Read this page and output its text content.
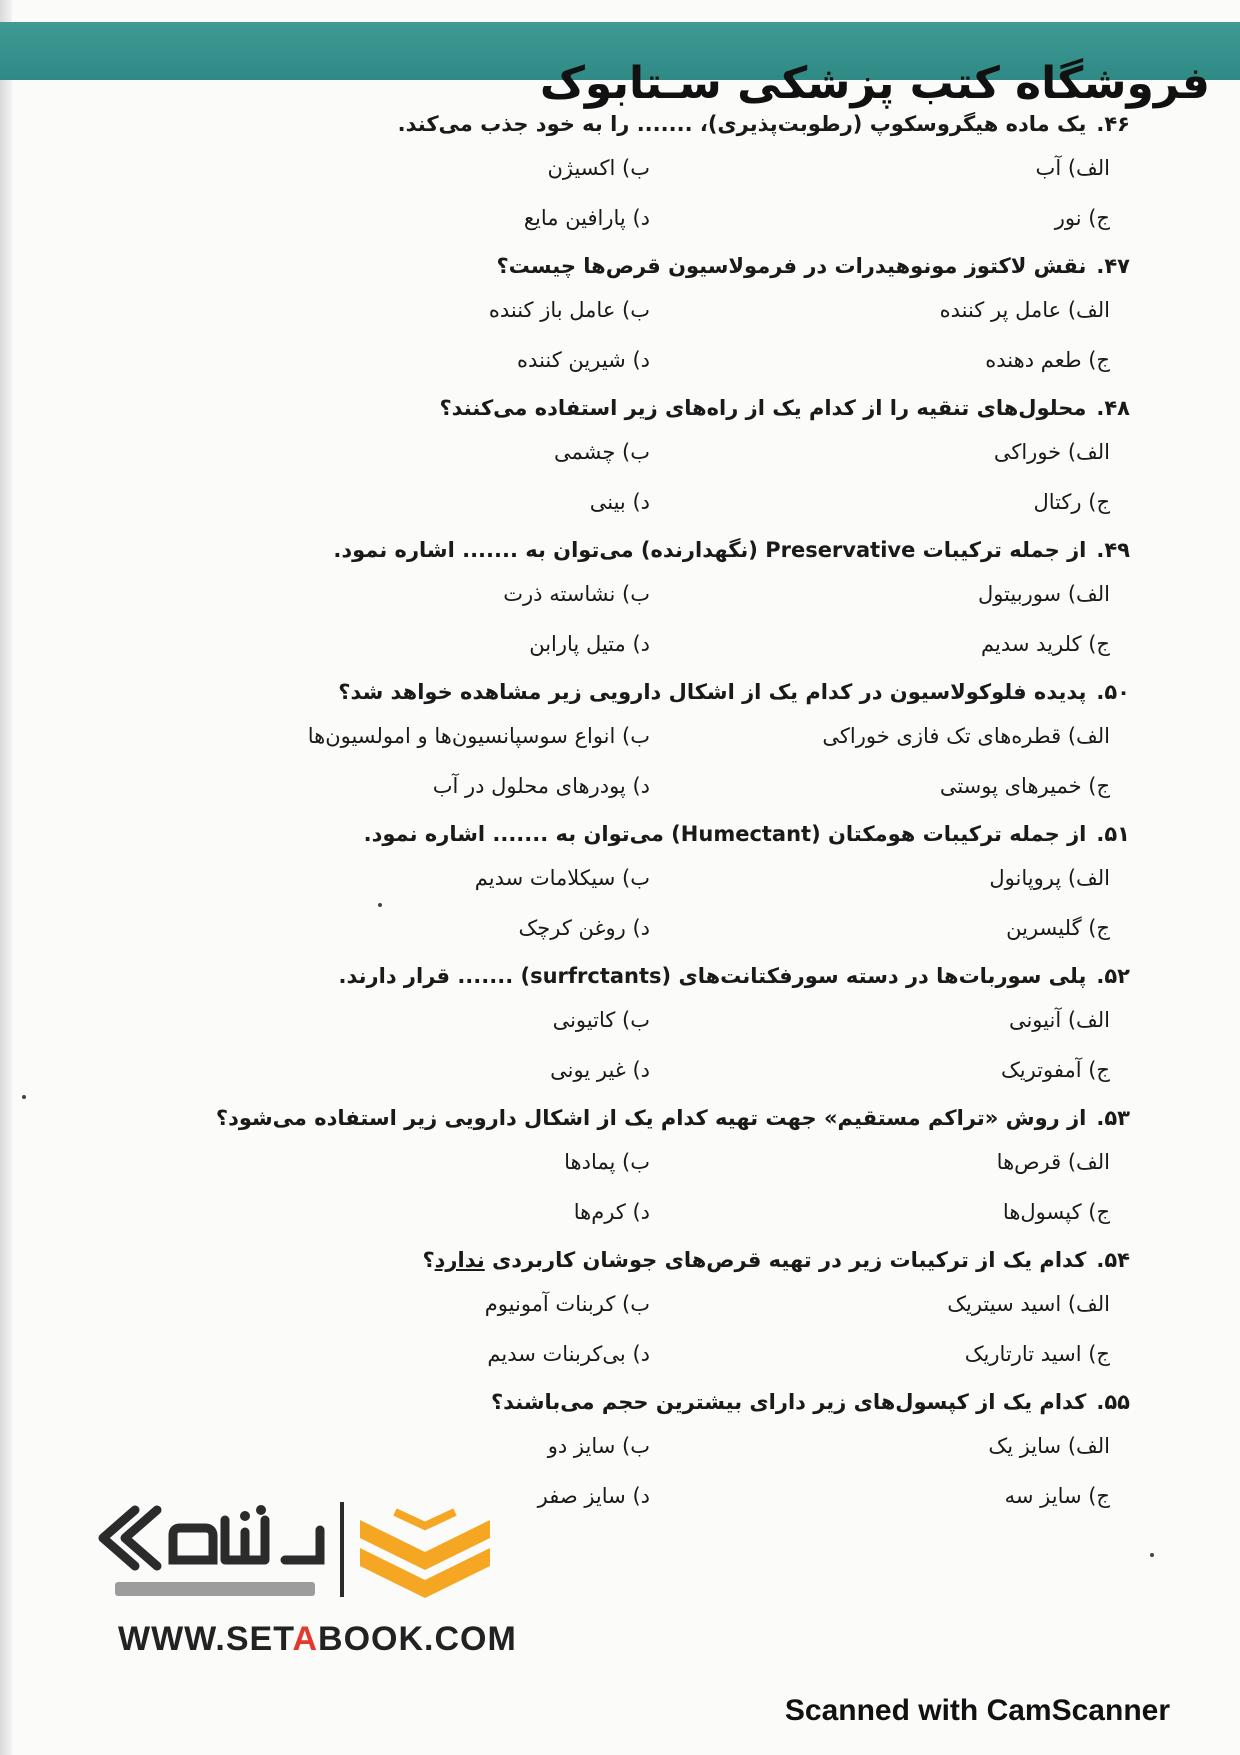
فروشگاه کتب پزشکی سـتابوک
۴۶.یک ماده هیگروسکوپ (رطوبت‌پذیری)، ....... را به خود جذب می‌کند.
الف) آب
ب) اکسیژن
ج) نور
د) پارافین مایع
۴۷.نقش لاکتوز مونوهیدرات در فرمولاسیون قرص‌ها چیست؟
الف) عامل پر کننده
ب) عامل باز کننده
ج) طعم دهنده
د) شیرین کننده
۴۸.محلول‌های تنقیه را از کدام یک از راه‌های زیر استفاده می‌کنند؟
الف) خوراکی
ب) چشمی
ج) رکتال
د) بینی
۴۹.از جمله ترکیبات Preservative (نگهدارنده) می‌توان به ....... اشاره نمود.
الف) سوربیتول
ب) نشاسته ذرت
ج) کلرید سدیم
د) متیل پارابن
۵۰.پدیده فلوکولاسیون در کدام یک از اشکال دارویی زیر مشاهده خواهد شد؟
الف) قطره‌های تک فازی خوراکی
ب) انواع سوسپانسیون‌ها و امولسیون‌ها
ج) خمیرهای پوستی
د) پودرهای محلول در آب
۵۱.از جمله ترکیبات هومکتان (Humectant) می‌توان به ....... اشاره نمود.
الف) پروپانول
ب) سیکلامات سدیم
ج) گلیسرین
د) روغن کرچک
۵۲.پلی سوربات‌ها در دسته سورفکتانت‌های (surfrctants) ....... قرار دارند.
الف) آنیونی
ب) کاتیونی
ج) آمفوتریک
د) غیر یونی
۵۳.از روش «تراکم مستقیم» جهت تهیه کدام یک از اشکال دارویی زیر استفاده می‌شود؟
الف) قرص‌ها
ب) پمادها
ج) کپسول‌ها
د) کرم‌ها
۵۴.کدام یک از ترکیبات زیر در تهیه قرص‌های جوشان کاربردی ندارد؟
الف) اسید سیتریک
ب) کربنات آمونیوم
ج) اسید تارتاریک
د) بی‌کربنات سدیم
۵۵.کدام یک از کپسول‌های زیر دارای بیشترین حجم می‌باشند؟
الف) سایز یک
ب) سایز دو
ج) سایز سه
د) سایز صفر
WWW.SETABOOK.COM
Scanned with CamScanner
